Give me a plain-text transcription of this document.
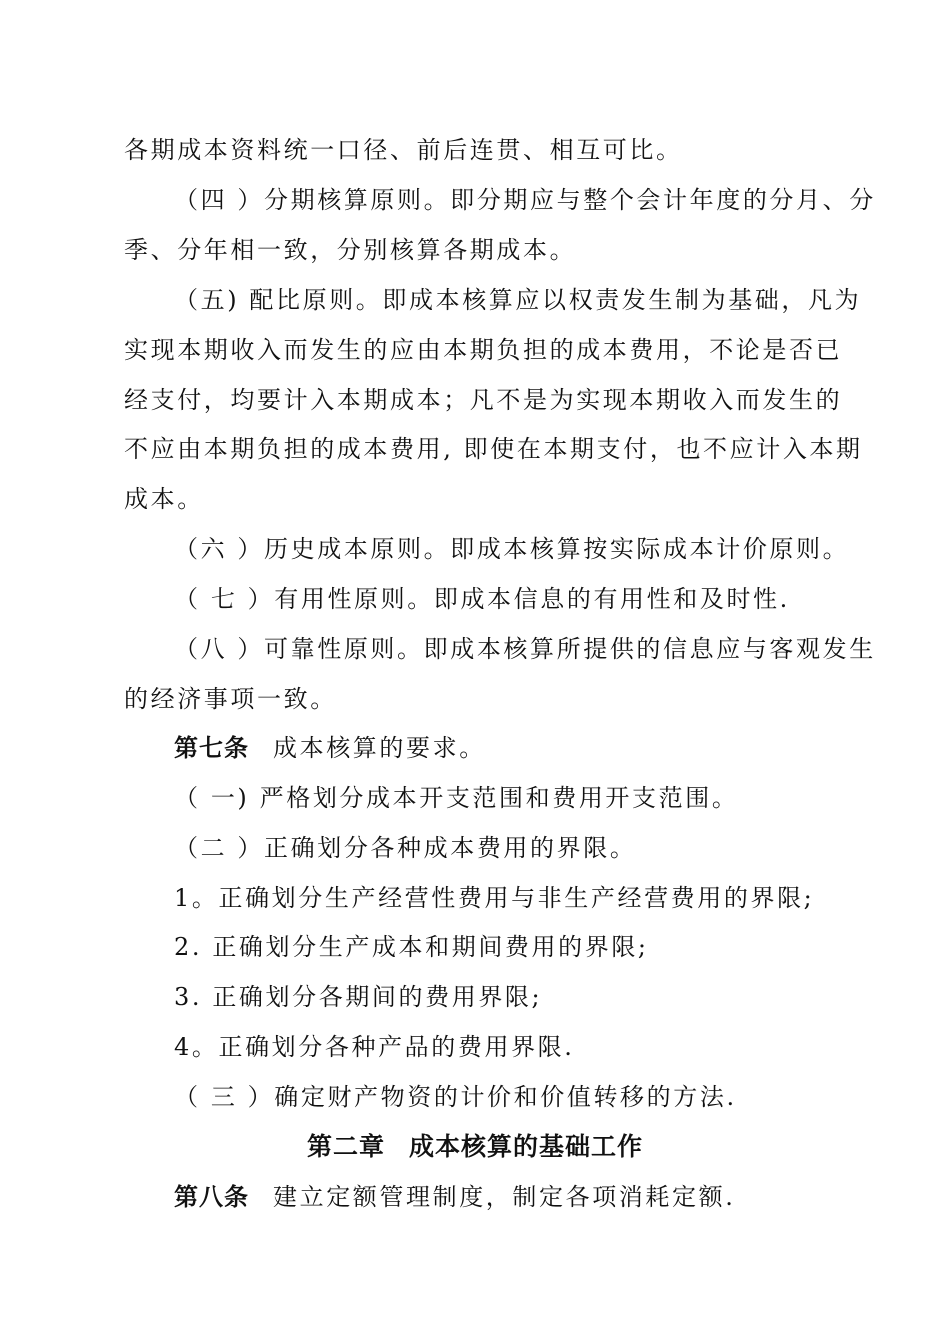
各期成本资料统一口径、前后连贯、相互可比。
（四 ）分期核算原则。即分期应与整个会计年度的分月、分
季、分年相一致，分别核算各期成本。
（五) 配比原则。即成本核算应以权责发生制为基础，凡为
实现本期收入而发生的应由本期负担的成本费用，不论是否已
经支付，均要计入本期成本；凡不是为实现本期收入而发生的
不应由本期负担的成本费用, 即使在本期支付，也不应计入本期
成本。
（六 ）历史成本原则。即成本核算按实际成本计价原则。
（ 七 ）有用性原则。即成本信息的有用性和及时性.
（八 ）可靠性原则。即成本核算所提供的信息应与客观发生
的经济事项一致。
第七条 成本核算的要求。
（ 一) 严格划分成本开支范围和费用开支范围。
（二 ）正确划分各种成本费用的界限。
1。正确划分生产经营性费用与非生产经营费用的界限;
2. 正确划分生产成本和期间费用的界限;
3. 正确划分各期间的费用界限;
4。正确划分各种产品的费用界限.
（ 三 ）确定财产物资的计价和价值转移的方法.
第二章 成本核算的基础工作
第八条 建立定额管理制度，制定各项消耗定额.
